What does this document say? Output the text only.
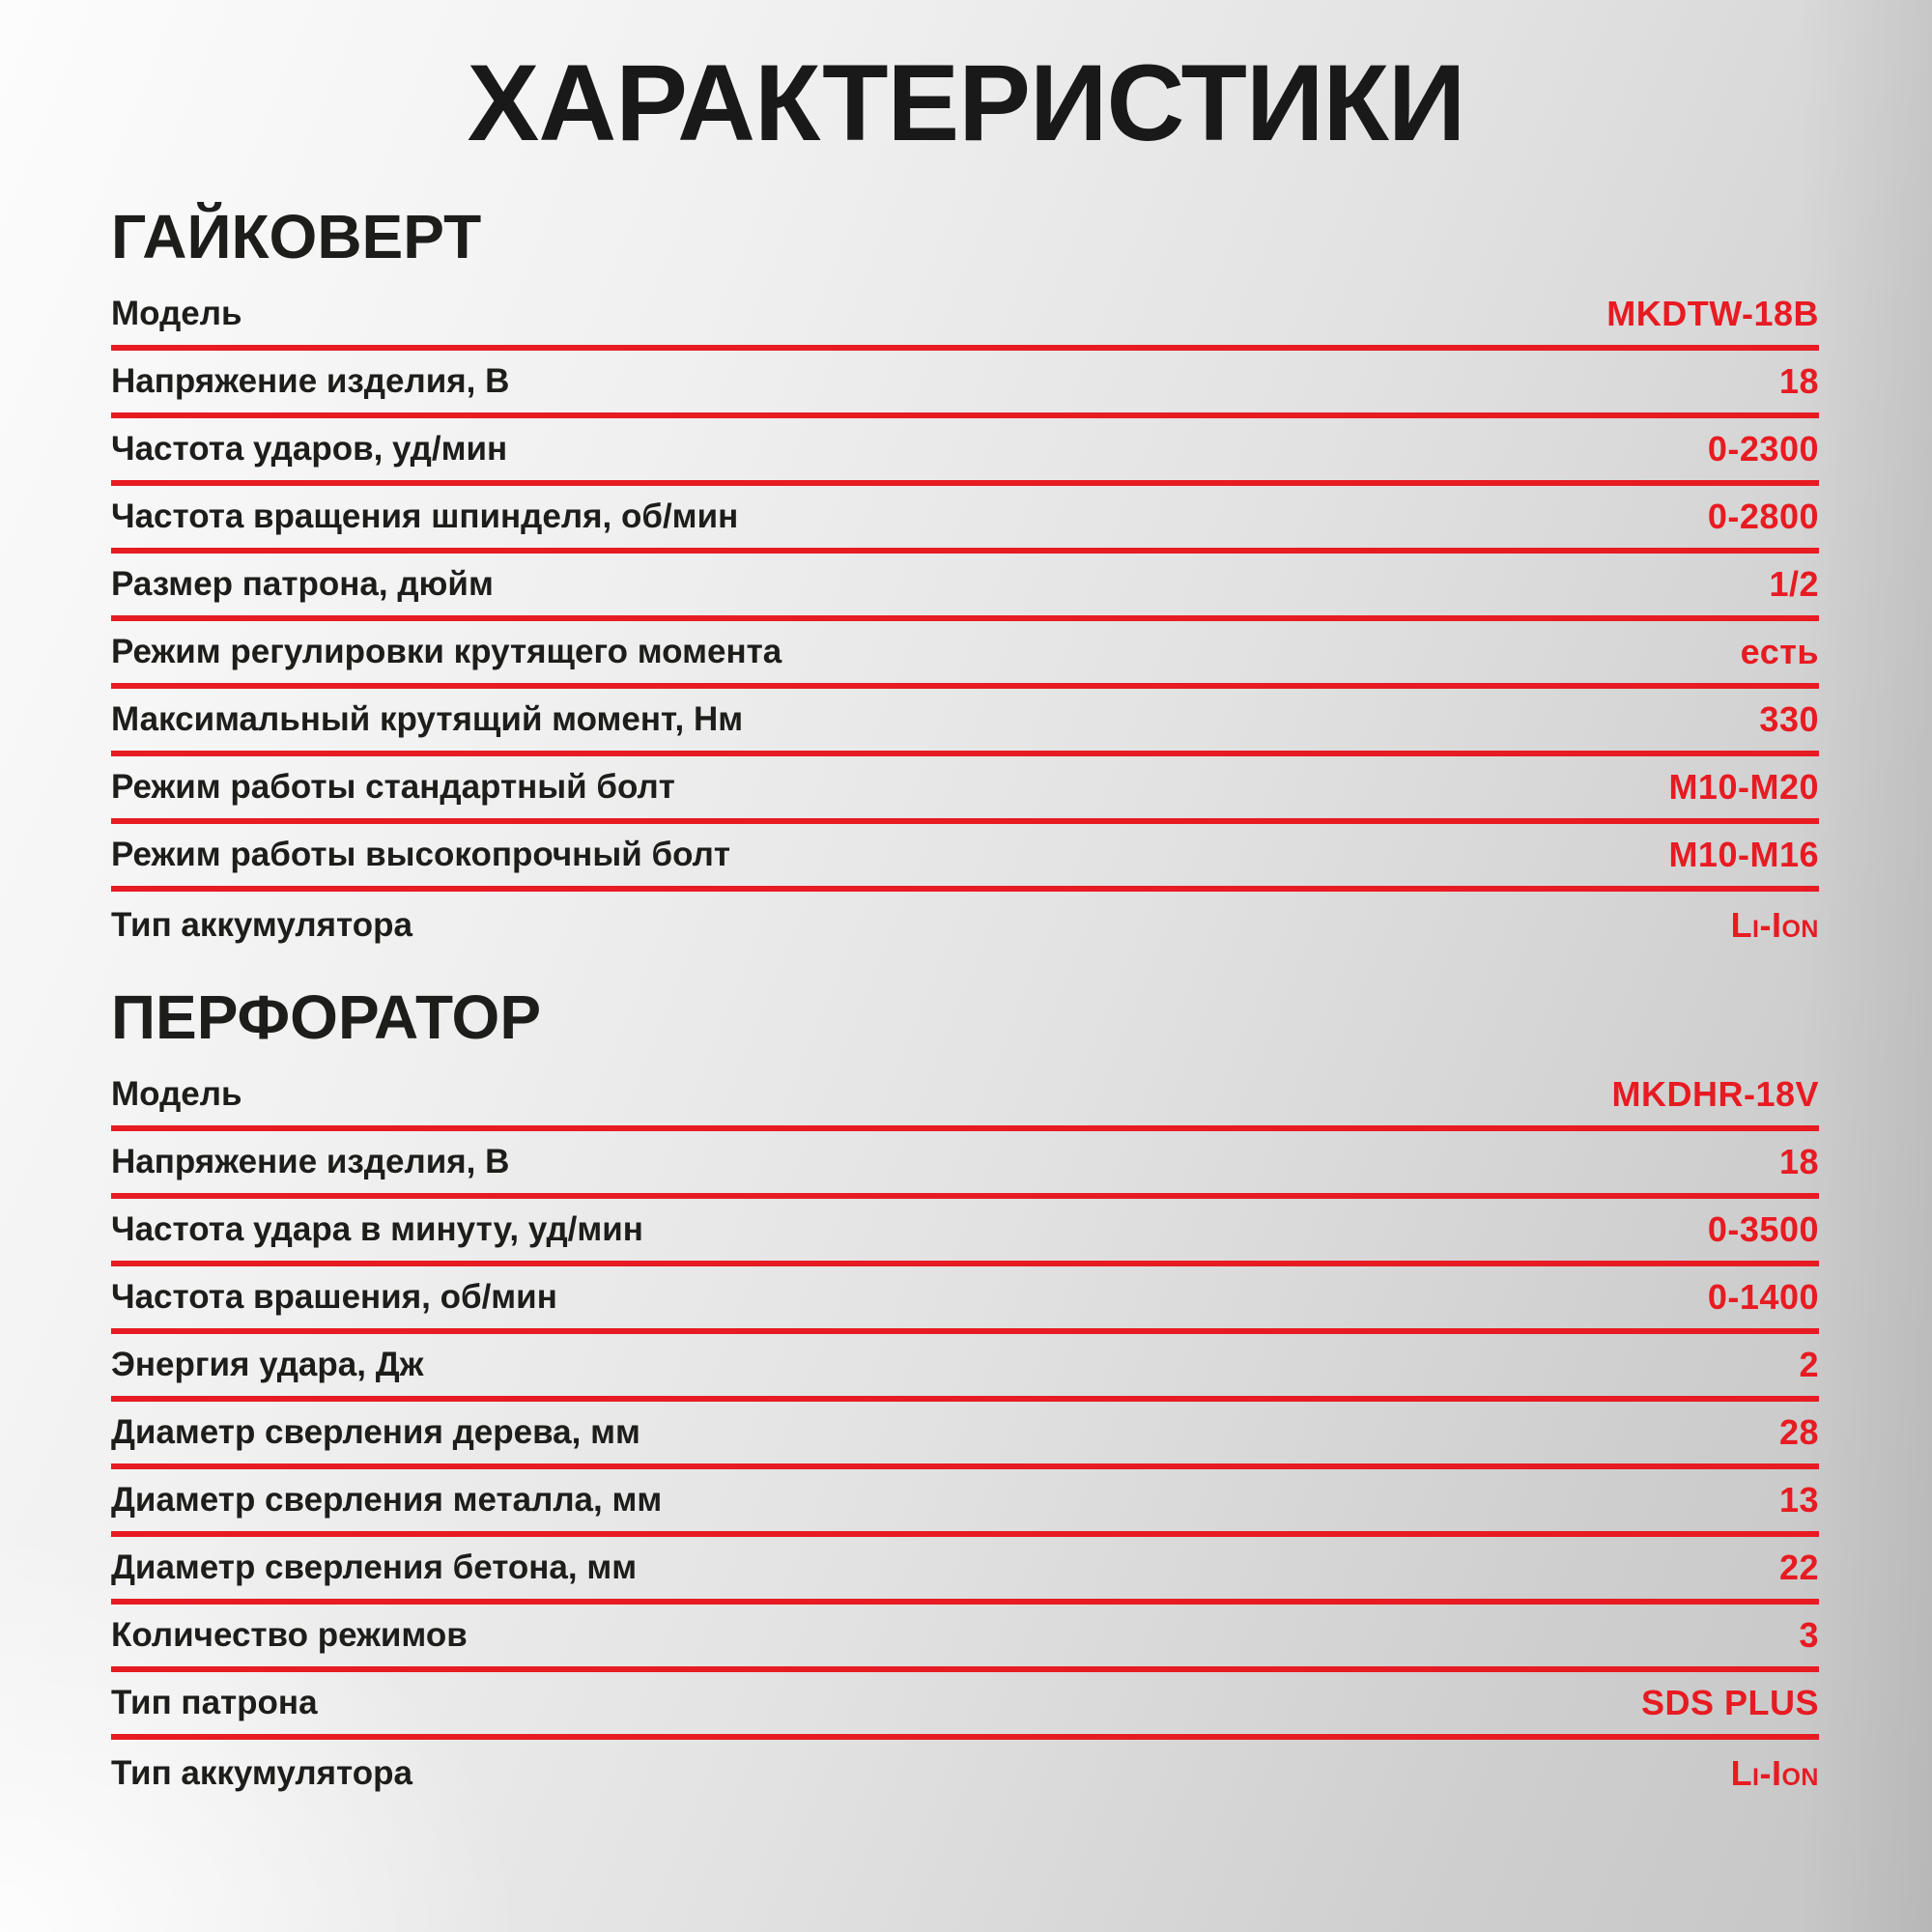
ХАРАКТЕРИСТИКИ
ГАЙКОВЕРТ
Модель	MKDTW-18B
Напряжение изделия, В	18
Частота ударов, уд/мин	0-2300
Частота вращения шпинделя, об/мин	0-2800
Размер патрона, дюйм	1/2
Режим регулировки крутящего момента	есть
Максимальный крутящий момент, Нм	330
Режим работы стандартный болт	M10-M20
Режим работы высокопрочный болт	M10-M16
Тип аккумулятора	Li-Ion
ПЕРФОРАТОР
Модель	MKDHR-18V
Напряжение изделия, В	18
Частота удара в минуту, уд/мин	0-3500
Частота врашения, об/мин	0-1400
Энергия удара, Дж	2
Диаметр сверления дерева, мм	28
Диаметр сверления металла, мм	13
Диаметр сверления бетона, мм	22
Количество режимов	3
Тип патрона	SDS PLUS
Тип аккумулятора	Li-Ion
